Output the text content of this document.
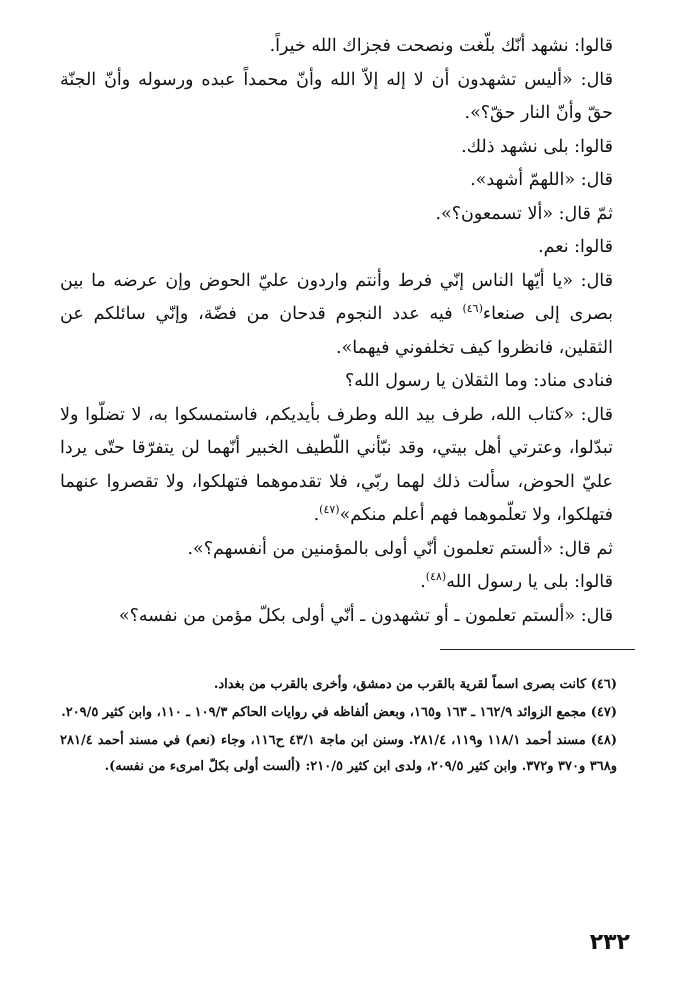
قالوا: نشهد أنّك بلّغت ونصحت فجزاك الله خيراً.

قال: «أليس تشهدون أن لا إله إلاّ الله وأنّ محمداً عبده ورسوله وأنّ الجنّة حقّ وأنّ النار حقّ؟».

قالوا: بلى نشهد ذلك.

قال: «اللهمّ أشهد».

ثمّ قال: «ألا تسمعون؟».

قالوا: نعم.

قال: «يا أيّها الناس إنّي فرط وأنتم واردون عليّ الحوض وإن عرضه ما بين بصرى إلى صنعاء$^{(٤٦)}$ فيه عدد النجوم قدحان من فضّة، وإنّي سائلكم عن الثقلين، فانظروا كيف تخلفوني فيهما».

فنادى مناد: وما الثقلان يا رسول الله؟

قال: «كتاب الله، طرف بيد الله وطرف بأيديكم، فاستمسكوا به، لا تضلّوا ولا تبدّلوا، وعترتي أهل بيتي، وقد نبّأني اللّطيف الخبير أنّهما لن يتفرّقا حتّى يردا عليّ الحوض، سألت ذلك لهما ربّي، فلا تقدموهما فتهلكوا، ولا تقصروا عنهما فتهلكوا، ولا تعلّموهما فهم أعلم منكم»$^{(٤٧)}$.

ثم قال: «ألستم تعلمون أنّي أولى بالمؤمنين من أنفسهم؟».

قالوا: بلى يا رسول الله$^{(٤٨)}$.

قال: «ألستم تعلمون ـ أو تشهدون ـ أنّي أولى بكلّ مؤمن من نفسه؟»

(٤٦) كانت بصرى اسماً لقرية بالقرب من دمشق، وأخرى بالقرب من بغداد.

(٤٧) مجمع الزوائد ١٦٢/٩ ـ ١٦٣ و١٦٥، وبعض ألفاظه في روايات الحاكم ١٠٩/٣ ـ ١١٠، وابن كثير ٢٠٩/٥.

(٤٨) مسند أحمد ١١٨/١ و١١٩، ٢٨١/٤. وسنن ابن ماجة ٤٣/١ ح١١٦، وجاء (نعم) في مسند أحمد ٢٨١/٤ و٣٦٨ و٣٧٠ و٣٧٢. وابن كثير ٢٠٩/٥، ولدى ابن كثير ٢١٠/٥: (ألست أولى بكلّ امرىء من نفسه).

٢٣٢
